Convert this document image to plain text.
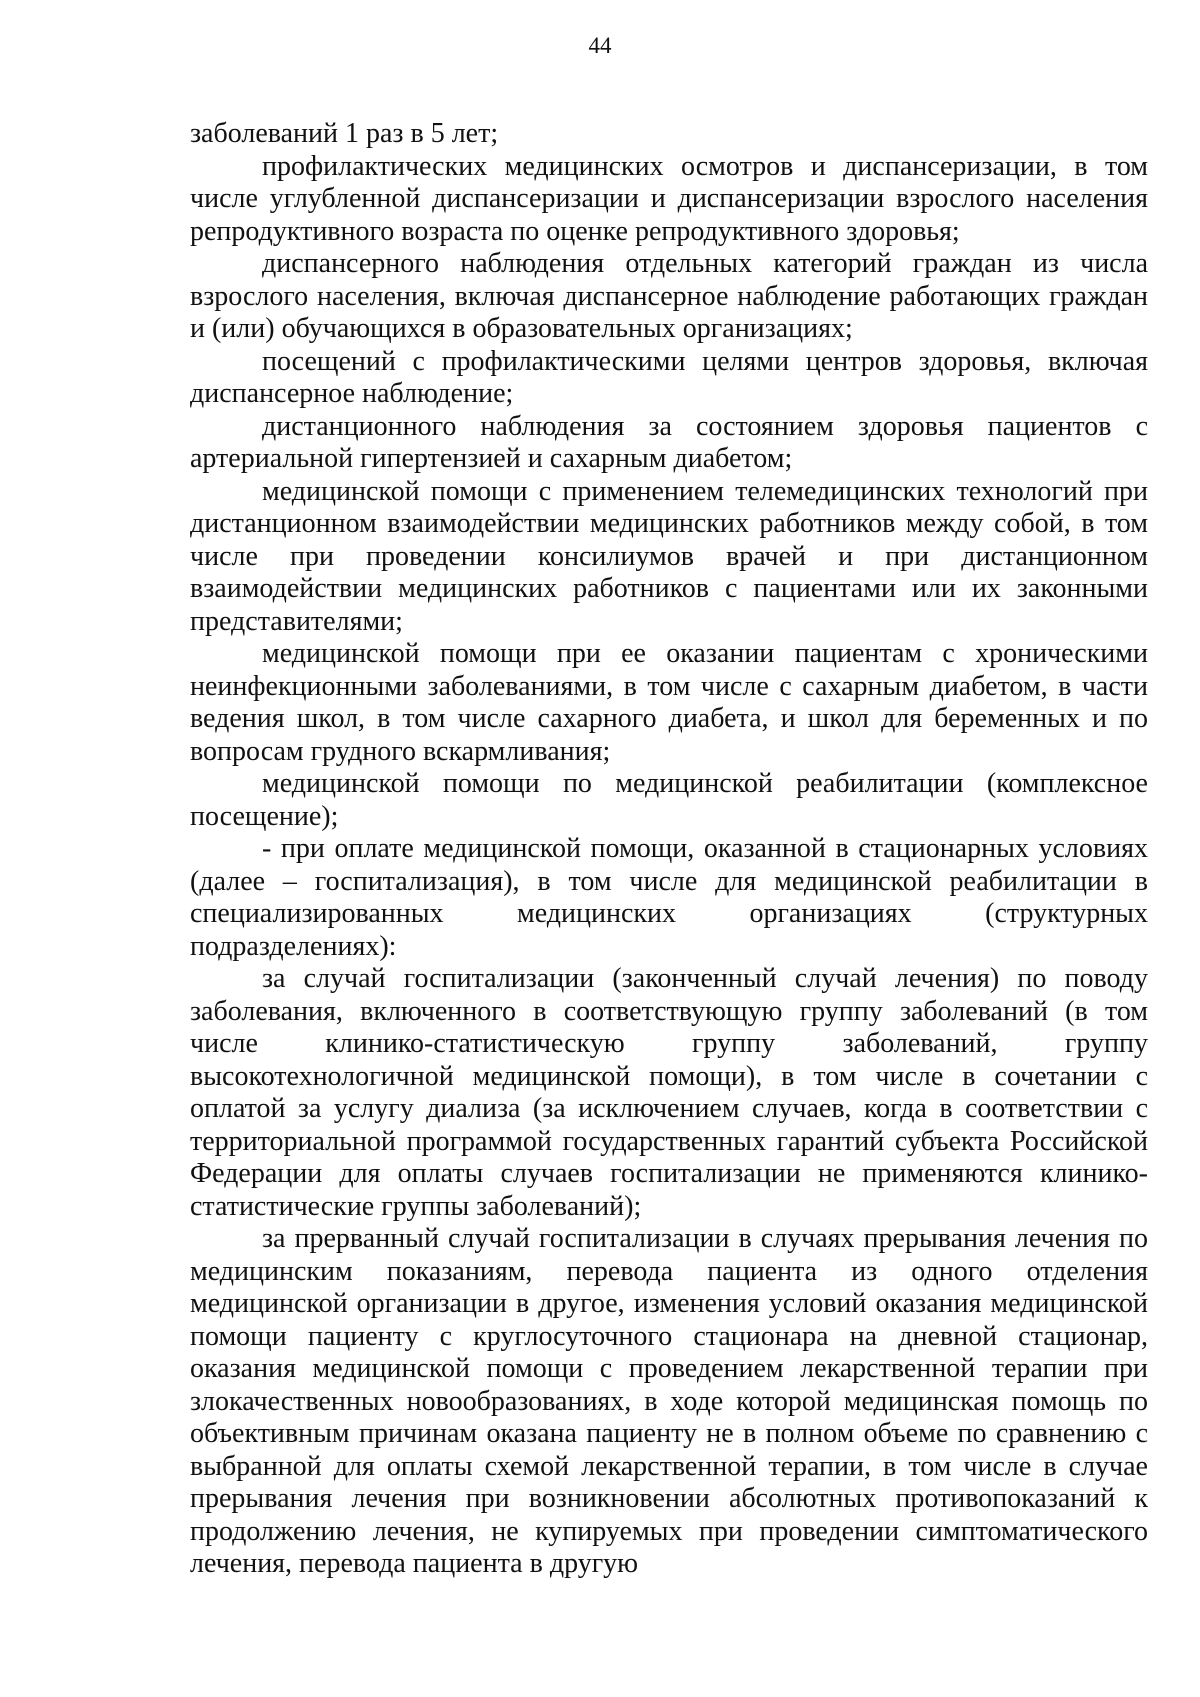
44

заболеваний 1 раз в 5 лет;

профилактических медицинских осмотров и диспансеризации, в том числе углубленной диспансеризации и диспансеризации взрослого населения репродуктивного возраста по оценке репродуктивного здоровья;

диспансерного наблюдения отдельных категорий граждан из числа взрослого населения, включая диспансерное наблюдение работающих граждан и (или) обучающихся в образовательных организациях;

посещений с профилактическими целями центров здоровья, включая диспансерное наблюдение;

дистанционного наблюдения за состоянием здоровья пациентов с артериальной гипертензией и сахарным диабетом;

медицинской помощи с применением телемедицинских технологий при дистанционном взаимодействии медицинских работников между собой, в том числе при проведении консилиумов врачей и при дистанционном взаимодействии медицинских работников с пациентами или их законными представителями;

медицинской помощи при ее оказании пациентам с хроническими неинфекционными заболеваниями, в том числе с сахарным диабетом, в части ведения школ, в том числе сахарного диабета, и школ для беременных и по вопросам грудного вскармливания;

медицинской помощи по медицинской реабилитации (комплексное посещение);

- при оплате медицинской помощи, оказанной в стационарных условиях (далее – госпитализация), в том числе для медицинской реабилитации в специализированных медицинских организациях (структурных подразделениях):

за случай госпитализации (законченный случай лечения) по поводу заболевания, включенного в соответствующую группу заболеваний (в том числе клинико-статистическую группу заболеваний, группу высокотехнологичной медицинской помощи), в том числе в сочетании с оплатой за услугу диализа (за исключением случаев, когда в соответствии с территориальной программой государственных гарантий субъекта Российской Федерации для оплаты случаев госпитализации не применяются клинико-статистические группы заболеваний);

за прерванный случай госпитализации в случаях прерывания лечения по медицинским показаниям, перевода пациента из одного отделения медицинской организации в другое, изменения условий оказания медицинской помощи пациенту с круглосуточного стационара на дневной стационар, оказания медицинской помощи с проведением лекарственной терапии при злокачественных новообразованиях, в ходе которой медицинская помощь по объективным причинам оказана пациенту не в полном объеме по сравнению с выбранной для оплаты схемой лекарственной терапии, в том числе в случае прерывания лечения при возникновении абсолютных противопоказаний к продолжению лечения, не купируемых при проведении симптоматического лечения, перевода пациента в другую
